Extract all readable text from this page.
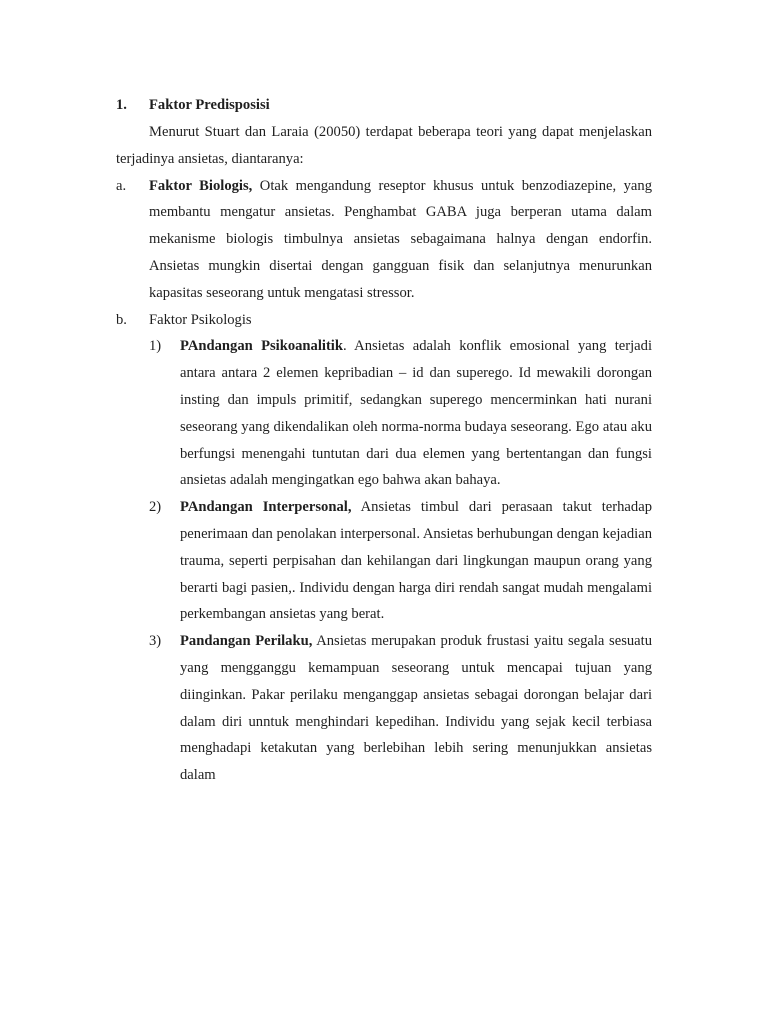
1.	Faktor Predisposisi

Menurut Stuart dan Laraia (20050) terdapat beberapa teori yang dapat menjelaskan terjadinya ansietas, diantaranya:

a.	Faktor Biologis, Otak mengandung reseptor khusus untuk benzodiazepine, yang membantu mengatur ansietas. Penghambat GABA juga berperan utama dalam mekanisme biologis timbulnya ansietas sebagaimana halnya dengan endorfin. Ansietas mungkin disertai dengan gangguan fisik dan selanjutnya menurunkan kapasitas seseorang untuk mengatasi stressor.

b.	Faktor Psikologis
1)	PAndangan Psikoanalitik. Ansietas adalah konflik emosional yang terjadi antara antara 2 elemen kepribadian – id dan superego. Id mewakili dorongan insting dan impuls primitif, sedangkan superego mencerminkan hati nurani seseorang yang dikendalikan oleh norma-norma budaya seseorang. Ego atau aku berfungsi menengahi tuntutan dari dua elemen yang bertentangan dan fungsi ansietas adalah mengingatkan ego bahwa akan bahaya.

2)	PAndangan Interpersonal, Ansietas timbul dari perasaan takut terhadap penerimaan dan penolakan interpersonal. Ansietas berhubungan dengan kejadian trauma, seperti perpisahan dan kehilangan dari lingkungan maupun orang yang berarti bagi pasien,. Individu dengan harga diri rendah sangat mudah mengalami perkembangan ansietas yang berat.

3)	Pandangan Perilaku, Ansietas merupakan produk frustasi yaitu segala sesuatu yang mengganggu kemampuan seseorang untuk mencapai tujuan yang diinginkan. Pakar perilaku menganggap ansietas sebagai dorongan belajar dari dalam diri unntuk menghindari kepedihan. Individu yang sejak kecil terbiasa menghadapi ketakutan yang berlebihan lebih sering menunjukkan ansietas dalam
